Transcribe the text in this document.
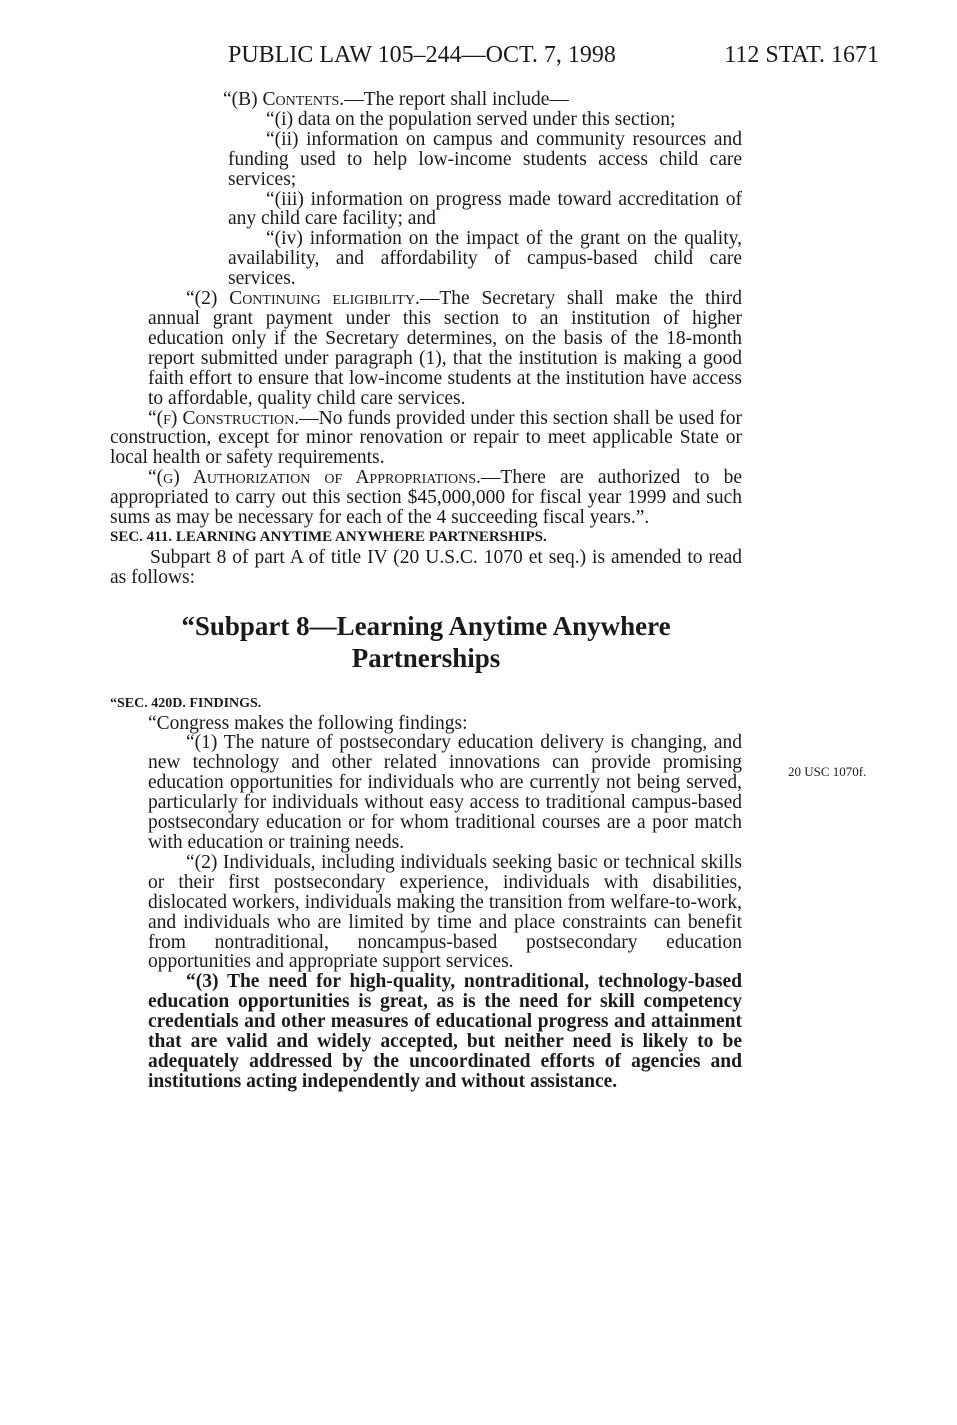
PUBLIC LAW 105–244—OCT. 7, 1998	112 STAT. 1671

“(B) Contents.—The report shall include—

“(i) data on the population served under this section;

“(ii) information on campus and community resources and funding used to help low-income students access child care services;

“(iii) information on progress made toward accreditation of any child care facility; and

“(iv) information on the impact of the grant on the quality, availability, and affordability of campus-based child care services.

“(2) Continuing eligibility.—The Secretary shall make the third annual grant payment under this section to an institution of higher education only if the Secretary determines, on the basis of the 18-month report submitted under paragraph (1), that the institution is making a good faith effort to ensure that low-income students at the institution have access to affordable, quality child care services.

“(f) Construction.—No funds provided under this section shall be used for construction, except for minor renovation or repair to meet applicable State or local health or safety requirements.

“(g) Authorization of Appropriations.—There are authorized to be appropriated to carry out this section $45,000,000 for fiscal year 1999 and such sums as may be necessary for each of the 4 succeeding fiscal years.”.

SEC. 411. LEARNING ANYTIME ANYWHERE PARTNERSHIPS.

Subpart 8 of part A of title IV (20 U.S.C. 1070 et seq.) is amended to read as follows:

“Subpart 8—Learning Anytime Anywhere
Partnerships

“SEC. 420D. FINDINGS.

“Congress makes the following findings:

“(1) The nature of postsecondary education delivery is changing, and new technology and other related innovations can provide promising education opportunities for individuals who are currently not being served, particularly for individuals without easy access to traditional campus-based postsecondary education or for whom traditional courses are a poor match with education or training needs.

“(2) Individuals, including individuals seeking basic or technical skills or their first postsecondary experience, individuals with disabilities, dislocated workers, individuals making the transition from welfare-to-work, and individuals who are limited by time and place constraints can benefit from nontraditional, noncampus-based postsecondary education opportunities and appropriate support services.

“(3) The need for high-quality, nontraditional, technology-based education opportunities is great, as is the need for skill competency credentials and other measures of educational progress and attainment that are valid and widely accepted, but neither need is likely to be adequately addressed by the uncoordinated efforts of agencies and institutions acting independently and without assistance.

20 USC 1070f.
